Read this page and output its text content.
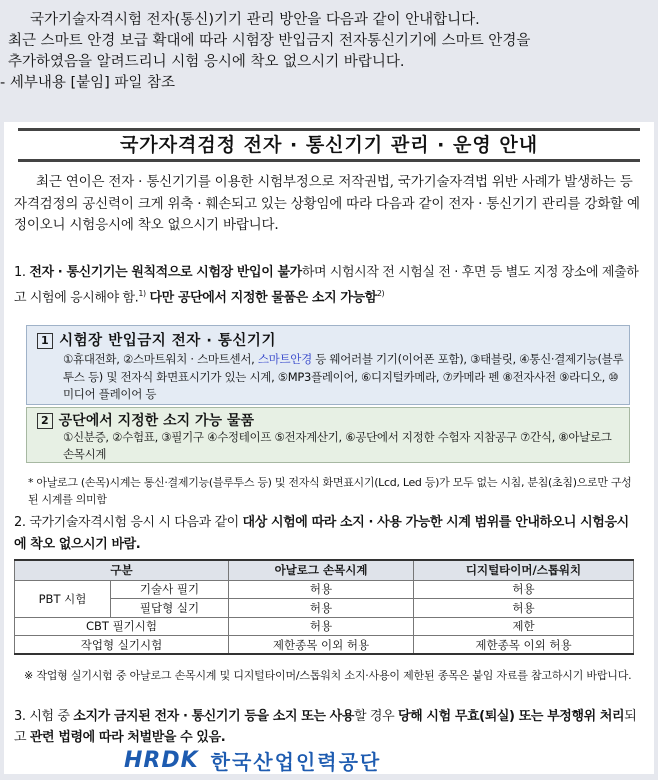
국가기술자격시험 전자(통신)기기 관리 방안을 다음과 같이 안내합니다.
최근 스마트 안경 보급 확대에 따라 시험장 반입금지 전자통신기기에 스마트 안경을
추가하였음을 알려드리니 시험 응시에 착오 없으시기 바랍니다.
- 세부내용 [붙임] 파일 참조
국가자격검정 전자 · 통신기기 관리 · 운영 안내
최근 연이은 전자 · 통신기기를 이용한 시험부정으로 저작권법, 국가기술자격법 위반 사례가 발생하는 등 자격검정의 공신력이 크게 위축 · 훼손되고 있는 상황임에 따라 다음과 같이 전자 · 통신기기 관리를 강화할 예정이오니 시험응시에 착오 없으시기 바랍니다.
1. 전자 · 통신기기는 원칙적으로 시험장 반입이 불가하며 시험시작 전 시험실 전 · 후면 등 별도 지정 장소에 제출하고 시험에 응시해야 함.$^{1)}$ 다만 공단에서 지정한 물품은 소지 가능함$^{2)}$
1 시험장 반입금지 전자 · 통신기기
①휴대전화, ②스마트워치 · 스마트센서, 스마트안경 등 웨어러블 기기(이어폰 포함), ③태블릿, ④통신·결제기능(블루투스 등) 및 전자식 화면표시기가 있는 시계, ⑤MP3플레이어, ⑥디지털카메라, ⑦카메라 펜 ⑧전자사전 ⑨라디오, ⑩미디어 플레이어 등
2 공단에서 지정한 소지 가능 물품
①신분증, ②수험표, ③필기구 ④수정테이프 ⑤전자계산기, ⑥공단에서 지정한 수험자 지참공구 ⑦간식, ⑧아날로그 손목시계
* 아날로그 (손목)시계는 통신·결제기능(블루투스 등) 및 전자식 화면표시기(Lcd, Led 등)가 모두 없는 시침, 분침(초침)으로만 구성된 시계를 의미함
2. 국가기술자격시험 응시 시 다음과 같이 대상 시험에 따라 소지 · 사용 가능한 시계 범위를 안내하오니 시험응시에 착오 없으시기 바람.
구분		아날로그 손목시계	디지털타이머/스톱워치
PBT 시험	기술사 필기	허용	허용
	필답형 실기	허용	허용
CBT 필기시험		허용	제한
작업형 실기시험		제한종목 이외 허용	제한종목 이외 허용
※ 작업형 실기시험 중 아날로그 손목시계 및 디지털타이머/스톱워치 소지·사용이 제한된 종목은 붙임 자료를 참고하시기 바랍니다.
3. 시험 중 소지가 금지된 전자 · 통신기기 등을 소지 또는 사용할 경우 당해 시험 무효(퇴실) 또는 부정행위 처리되고 관련 법령에 따라 처벌받을 수 있음.
HRDK 한국산업인력공단
